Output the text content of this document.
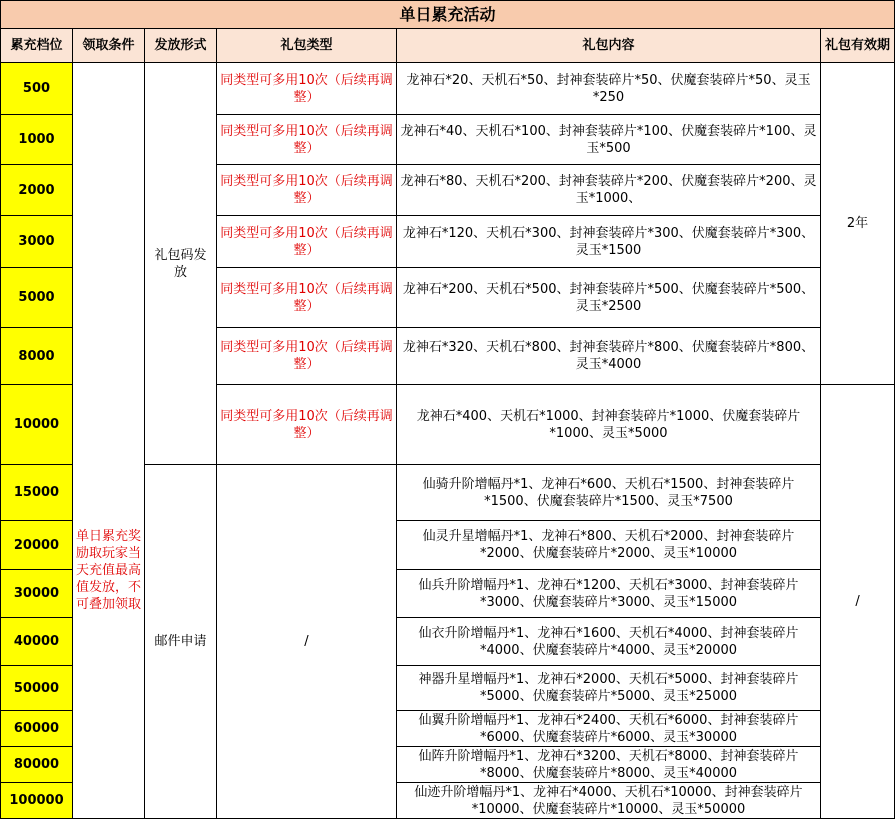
单日累充活动					
累充档位	领取条件	发放形式	礼包类型	礼包内容	礼包有效期
500	单日累充奖励取玩家当天充值最高值发放，不可叠加领取	礼包码发放	同类型可多用10次（后续再调整）	龙神石*20、天机石*50、封神套装碎片*50、伏魔套装碎片*50、灵玉*250	2年
1000			同类型可多用10次（后续再调整）	龙神石*40、天机石*100、封神套装碎片*100、伏魔套装碎片*100、灵玉*500	
2000			同类型可多用10次（后续再调整）	龙神石*80、天机石*200、封神套装碎片*200、伏魔套装碎片*200、灵玉*1000、	
3000			同类型可多用10次（后续再调整）	龙神石*120、天机石*300、封神套装碎片*300、伏魔套装碎片*300、灵玉*1500	
5000			同类型可多用10次（后续再调整）	龙神石*200、天机石*500、封神套装碎片*500、伏魔套装碎片*500、灵玉*2500	
8000			同类型可多用10次（后续再调整）	龙神石*320、天机石*800、封神套装碎片*800、伏魔套装碎片*800、灵玉*4000	
10000			同类型可多用10次（后续再调整）	龙神石*400、天机石*1000、封神套装碎片*1000、伏魔套装碎片*1000、灵玉*5000	/
15000		邮件申请	/	仙骑升阶增幅丹*1、龙神石*600、天机石*1500、封神套装碎片*1500、伏魔套装碎片*1500、灵玉*7500	
20000				仙灵升星增幅丹*1、龙神石*800、天机石*2000、封神套装碎片*2000、伏魔套装碎片*2000、灵玉*10000	
30000				仙兵升阶增幅丹*1、龙神石*1200、天机石*3000、封神套装碎片*3000、伏魔套装碎片*3000、灵玉*15000	
40000				仙衣升阶增幅丹*1、龙神石*1600、天机石*4000、封神套装碎片*4000、伏魔套装碎片*4000、灵玉*20000	
50000				神器升星增幅丹*1、龙神石*2000、天机石*5000、封神套装碎片*5000、伏魔套装碎片*5000、灵玉*25000	
60000				仙翼升阶增幅丹*1、龙神石*2400、天机石*6000、封神套装碎片*6000、伏魔套装碎片*6000、灵玉*30000	
80000				仙阵升阶增幅丹*1、龙神石*3200、天机石*8000、封神套装碎片*8000、伏魔套装碎片*8000、灵玉*40000	
100000				仙迹升阶增幅丹*1、龙神石*4000、天机石*10000、封神套装碎片*10000、伏魔套装碎片*10000、灵玉*50000	
